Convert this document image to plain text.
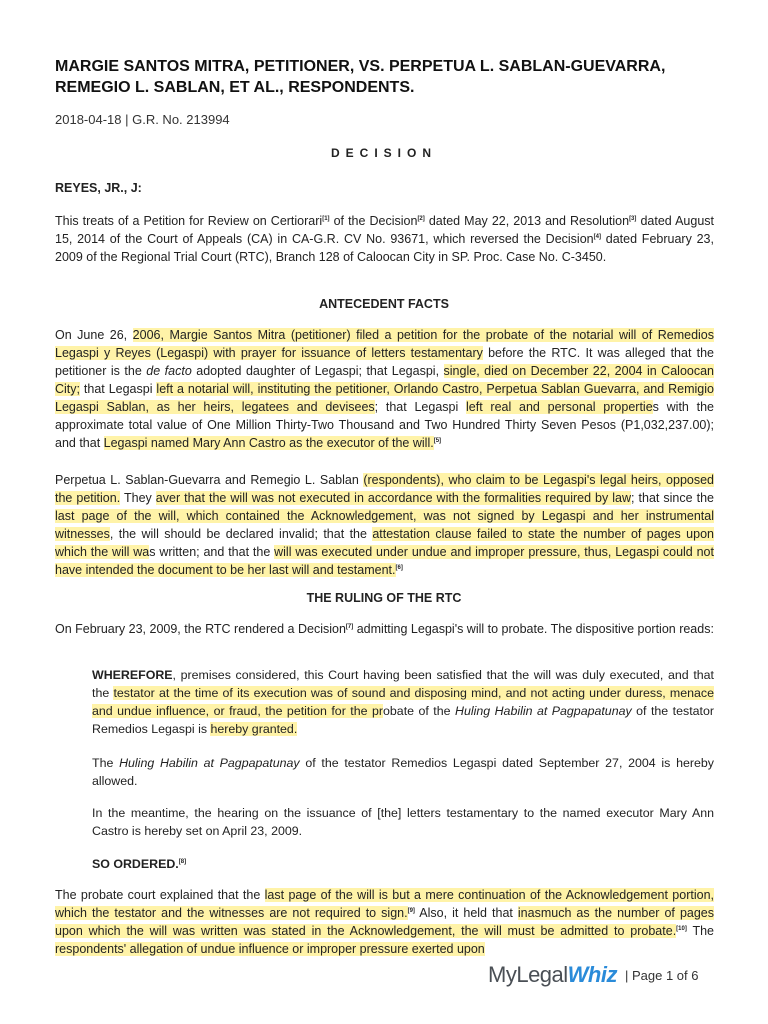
MARGIE SANTOS MITRA, PETITIONER, VS. PERPETUA L. SABLAN-GUEVARRA, REMEGIO L. SABLAN, ET AL., RESPONDENTS.
2018-04-18 | G.R. No. 213994
DECISION
REYES, JR., J:
This treats of a Petition for Review on Certiorari[1] of the Decision[2] dated May 22, 2013 and Resolution[3] dated August 15, 2014 of the Court of Appeals (CA) in CA-G.R. CV No. 93671, which reversed the Decision[4] dated February 23, 2009 of the Regional Trial Court (RTC), Branch 128 of Caloocan City in SP. Proc. Case No. C-3450.
ANTECEDENT FACTS
On June 26, 2006, Margie Santos Mitra (petitioner) filed a petition for the probate of the notarial will of Remedios Legaspi y Reyes (Legaspi) with prayer for issuance of letters testamentary before the RTC. It was alleged that the petitioner is the de facto adopted daughter of Legaspi; that Legaspi, single, died on December 22, 2004 in Caloocan City; that Legaspi left a notarial will, instituting the petitioner, Orlando Castro, Perpetua Sablan Guevarra, and Remigio Legaspi Sablan, as her heirs, legatees and devisees; that Legaspi left real and personal properties with the approximate total value of One Million Thirty-Two Thousand and Two Hundred Thirty Seven Pesos (P1,032,237.00); and that Legaspi named Mary Ann Castro as the executor of the will.[5]
Perpetua L. Sablan-Guevarra and Remegio L. Sablan (respondents), who claim to be Legaspi's legal heirs, opposed the petition. They aver that the will was not executed in accordance with the formalities required by law; that since the last page of the will, which contained the Acknowledgement, was not signed by Legaspi and her instrumental witnesses, the will should be declared invalid; that the attestation clause failed to state the number of pages upon which the will was written; and that the will was executed under undue and improper pressure, thus, Legaspi could not have intended the document to be her last will and testament.[6]
THE RULING OF THE RTC
On February 23, 2009, the RTC rendered a Decision[7] admitting Legaspi's will to probate. The dispositive portion reads:
WHEREFORE, premises considered, this Court having been satisfied that the will was duly executed, and that the testator at the time of its execution was of sound and disposing mind, and not acting under duress, menace and undue influence, or fraud, the petition for the probate of the Huling Habilin at Pagpapatunay of the testator Remedios Legaspi is hereby granted.
The Huling Habilin at Pagpapatunay of the testator Remedios Legaspi dated September 27, 2004 is hereby allowed.
In the meantime, the hearing on the issuance of [the] letters testamentary to the named executor Mary Ann Castro is hereby set on April 23, 2009.
SO ORDERED.[8]
The probate court explained that the last page of the will is but a mere continuation of the Acknowledgement portion, which the testator and the witnesses are not required to sign.[9] Also, it held that inasmuch as the number of pages upon which the will was written was stated in the Acknowledgement, the will must be admitted to probate.[10] The respondents' allegation of undue influence or improper pressure exerted upon
MyLegalWhiz | Page 1 of 6
